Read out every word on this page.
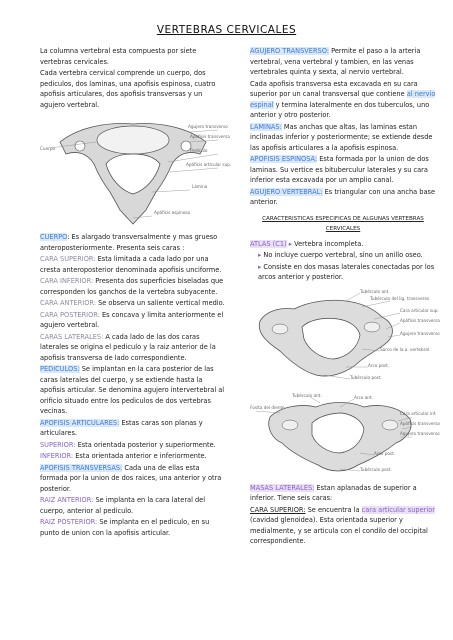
VERTEBRAS CERVICALES

La columna vertebral esta compuesta por siete vertebras cervicales.

Cada vertebra cervical comprende un cuerpo, dos pediculos, dos laminas, una apofisis espinosa, cuatro apofisis articulares, dos apofisis transversas y un agujero vertebral.

Agujero transverso
Apófisis transversa
Pedículo
Apófisis articular sup.
Lámina
Apófisis espinosa
Cuerpo

CUERPO: Es alargado transversalmente y mas grueso anteroposteriormente. Presenta seis caras :

CARA SUPERIOR: Esta limitada a cada lado por una cresta anteroposterior denominada apofisis unciforme.

CARA INFERIOR: Presenta dos superficies biseladas que corresponden los ganchos de la vertebra subyacente.

CARA ANTERIOR: Se observa un saliente vertical medio.

CARA POSTERIOR: Es concava y limita anteriormente el agujero vertebral.

CARAS LATERALES: A cada lado de las dos caras laterales se origina el pediculo y la raiz anterior de la apofisis transversa de lado correspondiente.

PEDICULOS: Se implantan en la cara posterior de las caras laterales del cuerpo, y se extiende hasta la apofisis articular. Se denomina agujero intervertebral al orificio situado entre los pediculos de dos vertebras vecinas.

APOFISIS ARTICULARES: Estas caras son planas y articulares.

SUPERIOR: Esta orientada posterior y superiormente.

INFERIOR: Esta orientada anterior e inferiormente.

APOFISIS TRANSVERSAS: Cada una de ellas esta formada por la union de dos raices, una anterior y otra posterior.

RAIZ ANTERIOR: Se implanta en la cara lateral del cuerpo, anterior al pediculo.

RAIZ POSTERIOR: Se implanta en el pediculo, en su punto de union con la apofisis articular.

AGUJERO TRANSVERSO: Permite el paso a la arteria vertebral, vena vertebral y tambien, en las venas vertebrales quinta y sexta, al nervio vertebral.

Cada apofisis transversa esta excavada en su cara superior por un canal transversal que contiene al nervio espinal y termina lateralmente en dos tuberculos, uno anterior y otro posterior.

LAMINAS: Mas anchas que altas, las laminas estan inclinadas inferior y posteriormente; se extiende desde las apofisis articulares a la apofisis espinosa.

APOFISIS ESPINOSA: Esta formada por la union de dos laminas. Su vertice es bituberculur laterales y su cara inferior esta excavada por un amplio canal.

AGUJERO VERTEBRAL: Es triangular con una ancha base anterior.

CARACTERISTICAS ESPECIFICAS DE ALGUNAS VERTEBRAS CERVICALES

ATLAS (C1) ▸ Vertebra incompleta.

▸ No incluye cuerpo vertebral, sino un anillo oseo.

▸ Consiste en dos masas laterales conectadas por los arcos anterior y posterior.

Tubérculo ant.
Tubérculo del lig. transverso
Cara articular sup.
Apófisis transversa
Agujero transverso
Surco de la a. vertebral
Arco post.
Tubérculo post.
Tubérculo ant.	Arco ant.
Fosita del diente
Cara articular inf.
Apófisis transversa
Agujero transverso
Arco post.
Tubérculo post.

MASAS LATERALES: Estan aplanadas de superior a inferior. Tiene seis caras:

CARA SUPERIOR: Se encuentra la cara articular superior (cavidad glenoidea). Esta orientada superior y medialmente, y se articula con el condilo del occipital correspondiente.
